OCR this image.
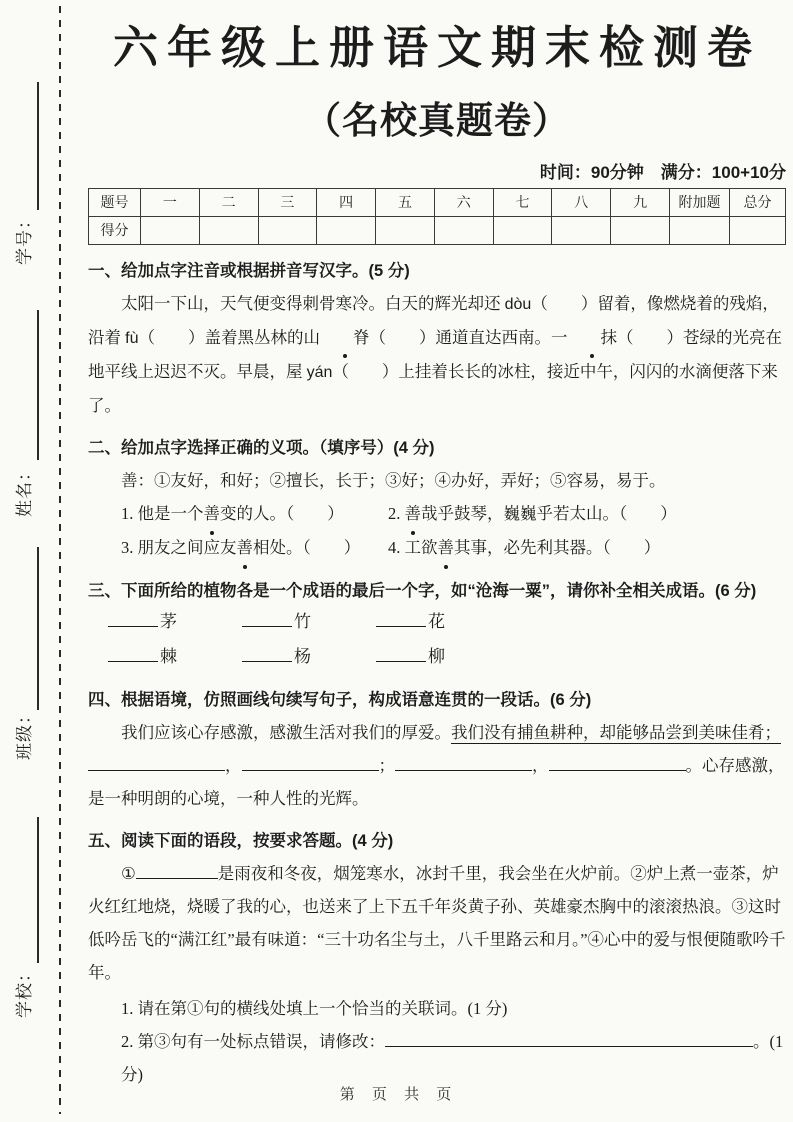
学号：
姓名：
班级：
学校：
六年级上册语文期末检测卷
（名校真题卷）
时间：90分钟　满分：100+10分
题号	一	二	三	四	五	六	七	八	九	附加题	总分
得分											
一、给加点字注音或根据拼音写汉字。(5 分)

太阳一下山，天气便变得刺骨寒冷。白天的辉光却还 dòu（　　）留着，像燃烧着的残焰，沿着 fù（　　）盖着黑丛林的山 脊（　　）通道直达西南。一 抹（　　）苍绿的光亮在地平线上迟迟不灭。早晨，屋 yán（　　）上挂着长长的冰柱，接近中午，闪闪的水滴便落下来了。

二、给加点字选择正确的义项。（填序号）(4 分)

善：①友好，和好；②擅长，长于；③好；④办好，弄好；⑤容易，易于。

1. 他是一个善变的人。（　　）	2. 善哉乎鼓琴，巍巍乎若太山。（　　）
3. 朋友之间应友善相处。（　　）	4. 工欲善其事，必先利其器。（　　）
三、下面所给的植物各是一个成语的最后一个字，如“沧海一粟”，请你补全相关成语。(6 分)
茅	竹	花
棘	杨	柳
四、根据语境，仿照画线句续写句子，构成语意连贯的一段话。(6 分)

我们应该心存感激，感激生活对我们的厚爱。我们没有捕鱼耕种，却能够品尝到美味佳肴；，	；	，	。心存感激，是一种明朗的心境，一种人性的光辉。

五、阅读下面的语段，按要求答题。(4 分)

①	是雨夜和冬夜，烟笼寒水，冰封千里，我会坐在火炉前。②炉上煮一壶茶，炉火红红地烧，烧暖了我的心，也送来了上下五千年炎黄子孙、英雄豪杰胸中的滚滚热浪。③这时低吟岳飞的“满江红”最有味道：“三十功名尘与土，八千里路云和月。”④心中的爱与恨便随歌吟千年。

1. 请在第①句的横线处填上一个恰当的关联词。(1 分)

2. 第③句有一处标点错误，请修改：	。(1 分)

第 页 共 页
